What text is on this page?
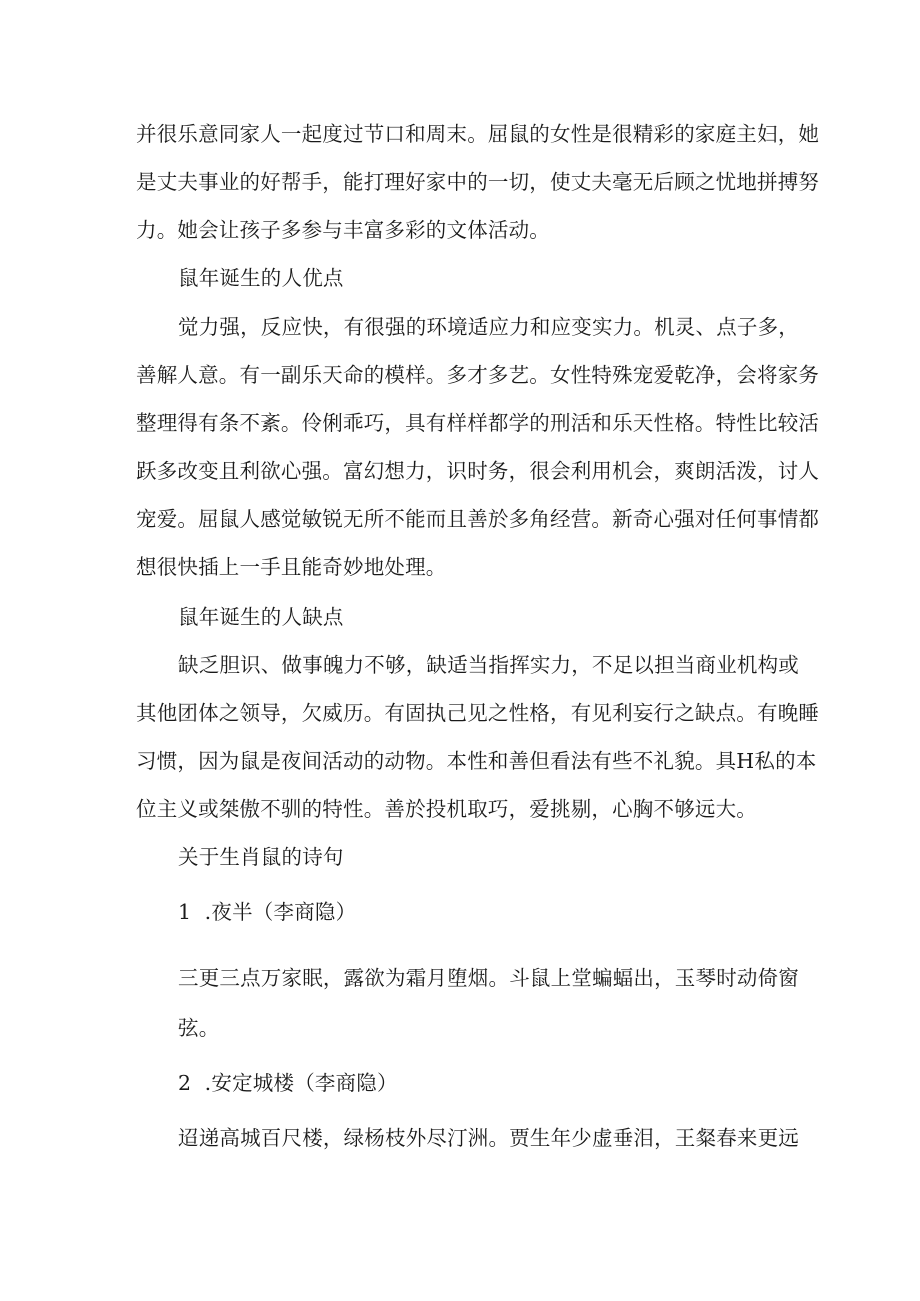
并很乐意同家人一起度过节口和周末。屈鼠的女性是很精彩的家庭主妇，她
是丈夫事业的好帮手，能打理好家中的一切，使丈夫毫无后顾之忧地拼搏努
力。她会让孩子多参与丰富多彩的文体活动。
鼠年诞生的人优点
觉力强，反应快，有很强的环境适应力和应变实力。机灵、点子多，
善解人意。有一副乐天命的模样。多才多艺。女性特殊宠爱乾净，会将家务
整理得有条不紊。伶俐乖巧，具有样样都学的刑活和乐天性格。特性比较活
跃多改变且利欲心强。富幻想力，识时务，很会利用机会，爽朗活泼，讨人
宠爱。屈鼠人感觉敏锐无所不能而且善於多角经营。新奇心强对任何事情都
想很快插上一手且能奇妙地处理。
鼠年诞生的人缺点
缺乏胆识、做事魄力不够，缺适当指挥实力，不足以担当商业机构或
其他团体之领导，欠威历。有固执己见之性格，有见利妄行之缺点。有晚睡
习惯，因为鼠是夜间活动的动物。本性和善但看法有些不礼貌。具H私的本
位主义或桀傲不驯的特性。善於投机取巧，爱挑剔，心胸不够远大。
关于生肖鼠的诗句
1  .夜半（李商隐）
三更三点万家眠，露欲为霜月堕烟。斗鼠上堂蝙蝠出，玉琴时动倚窗
弦。
2  .安定城楼（李商隐）
迢递高城百尺楼，绿杨枝外尽汀洲。贾生年少虚垂泪，王粲春来更远
